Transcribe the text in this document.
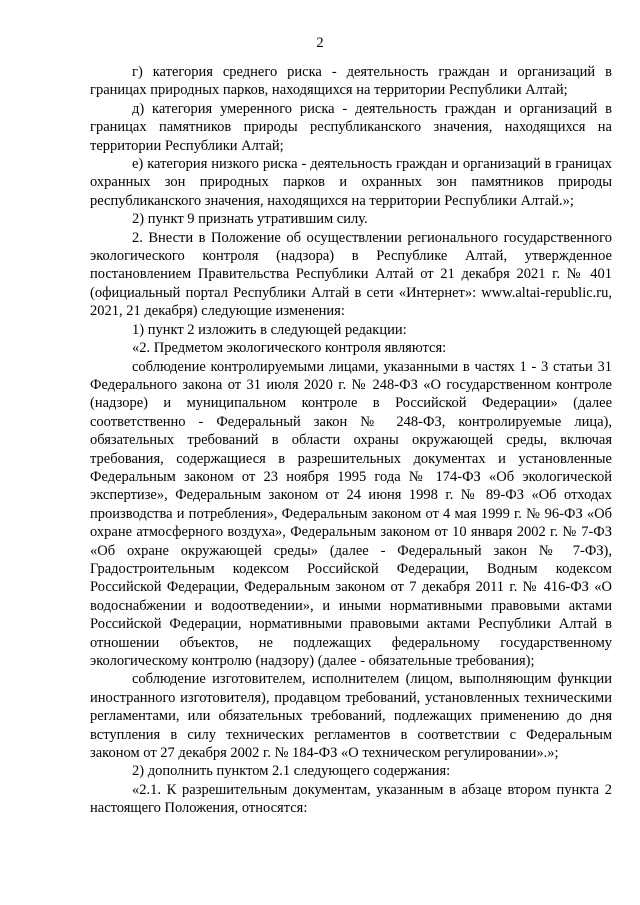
2

г) категория среднего риска - деятельность граждан и организаций в границах природных парков, находящихся на территории Республики Алтай;

д) категория умеренного риска - деятельность граждан и организаций в границах памятников природы республиканского значения, находящихся на территории Республики Алтай;

е) категория низкого риска - деятельность граждан и организаций в границах охранных зон природных парков и охранных зон памятников природы республиканского значения, находящихся на территории Республики Алтай.»;

2) пункт 9 признать утратившим силу.

2. Внести в Положение об осуществлении регионального государственного экологического контроля (надзора) в Республике Алтай, утвержденное постановлением Правительства Республики Алтай от 21 декабря 2021 г. № 401 (официальный портал Республики Алтай в сети «Интернет»: www.altai-republic.ru, 2021, 21 декабря) следующие изменения:

1) пункт 2 изложить в следующей редакции:

«2. Предметом экологического контроля являются:

соблюдение контролируемыми лицами, указанными в частях 1 - 3 статьи 31 Федерального закона от 31 июля 2020 г. № 248-ФЗ «О государственном контроле (надзоре) и муниципальном контроле в Российской Федерации» (далее соответственно - Федеральный закон № 248-ФЗ, контролируемые лица), обязательных требований в области охраны окружающей среды, включая требования, содержащиеся в разрешительных документах и установленные Федеральным законом от 23 ноября 1995 года № 174-ФЗ «Об экологической экспертизе», Федеральным законом от 24 июня 1998 г. № 89-ФЗ «Об отходах производства и потребления», Федеральным законом от 4 мая 1999 г. № 96-ФЗ «Об охране атмосферного воздуха», Федеральным законом от 10 января 2002 г. № 7-ФЗ «Об охране окружающей среды» (далее - Федеральный закон № 7-ФЗ), Градостроительным кодексом Российской Федерации, Водным кодексом Российской Федерации, Федеральным законом от 7 декабря 2011 г. № 416-ФЗ «О водоснабжении и водоотведении», и иными нормативными правовыми актами Российской Федерации, нормативными правовыми актами Республики Алтай в отношении объектов, не подлежащих федеральному государственному экологическому контролю (надзору) (далее - обязательные требования);

соблюдение изготовителем, исполнителем (лицом, выполняющим функции иностранного изготовителя), продавцом требований, установленных техническими регламентами, или обязательных требований, подлежащих применению до дня вступления в силу технических регламентов в соответствии с Федеральным законом от 27 декабря 2002 г. № 184-ФЗ «О техническом регулировании».»;

2) дополнить пунктом 2.1 следующего содержания:

«2.1. К разрешительным документам, указанным в абзаце втором пункта 2 настоящего Положения, относятся:
